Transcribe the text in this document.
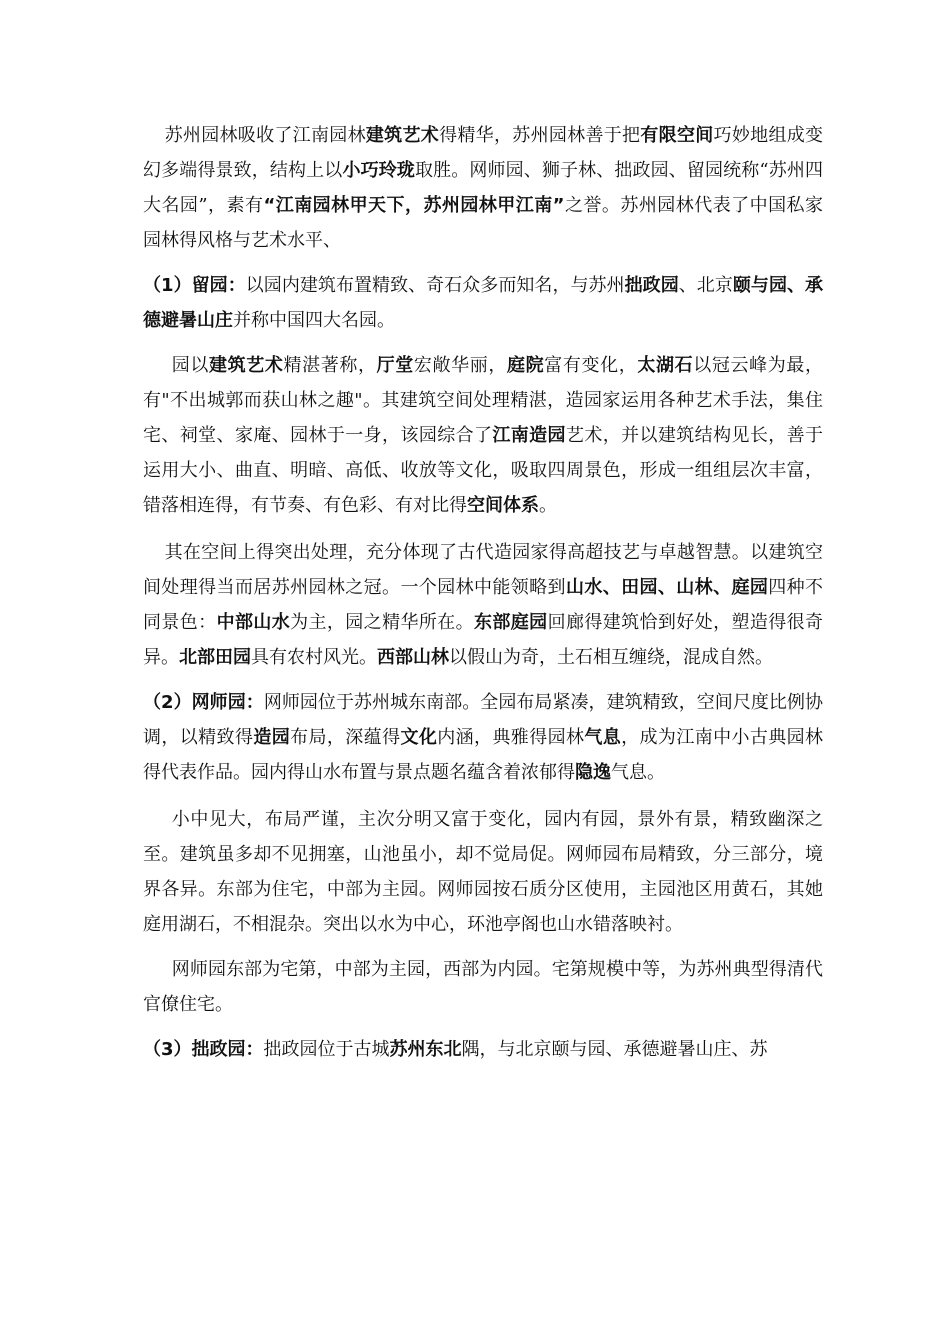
苏州园林吸收了江南园林建筑艺术得精华，苏州园林善于把有限空间巧妙地组成变幻多端得景致，结构上以小巧玲珑取胜。网师园、狮子林、拙政园、留园统称“苏州四大名园”，素有“江南园林甲天下，苏州园林甲江南”之誉。苏州园林代表了中国私家园林得风格与艺术水平、

（1）留园：以园内建筑布置精致、奇石众多而知名，与苏州拙政园、北京颐与园、承德避暑山庄并称中国四大名园。

园以建筑艺术精湛著称，厅堂宏敞华丽，庭院富有变化，太湖石以冠云峰为最，有"不出城郭而获山林之趣"。其建筑空间处理精湛，造园家运用各种艺术手法，集住宅、祠堂、家庵、园林于一身，该园综合了江南造园艺术，并以建筑结构见长，善于运用大小、曲直、明暗、高低、收放等文化，吸取四周景色，形成一组组层次丰富，错落相连得，有节奏、有色彩、有对比得空间体系。

其在空间上得突出处理，充分体现了古代造园家得高超技艺与卓越智慧。以建筑空间处理得当而居苏州园林之冠。一个园林中能领略到山水、田园、山林、庭园四种不同景色：中部山水为主，园之精华所在。东部庭园回廊得建筑恰到好处，塑造得很奇异。北部田园具有农村风光。西部山林以假山为奇，土石相互缠绕，混成自然。

（2）网师园：网师园位于苏州城东南部。全园布局紧凑，建筑精致，空间尺度比例协调，以精致得造园布局，深蕴得文化内涵，典雅得园林气息，成为江南中小古典园林得代表作品。园内得山水布置与景点题名蕴含着浓郁得隐逸气息。

小中见大，布局严谨，主次分明又富于变化，园内有园，景外有景，精致幽深之至。建筑虽多却不见拥塞，山池虽小，却不觉局促。网师园布局精致，分三部分，境界各异。东部为住宅，中部为主园。网师园按石质分区使用，主园池区用黄石，其她庭用湖石，不相混杂。突出以水为中心，环池亭阁也山水错落映衬。

网师园东部为宅第，中部为主园，西部为内园。宅第规模中等，为苏州典型得清代官僚住宅。

（3）拙政园：拙政园位于古城苏州东北隅，与北京颐与园、承德避暑山庄、苏
